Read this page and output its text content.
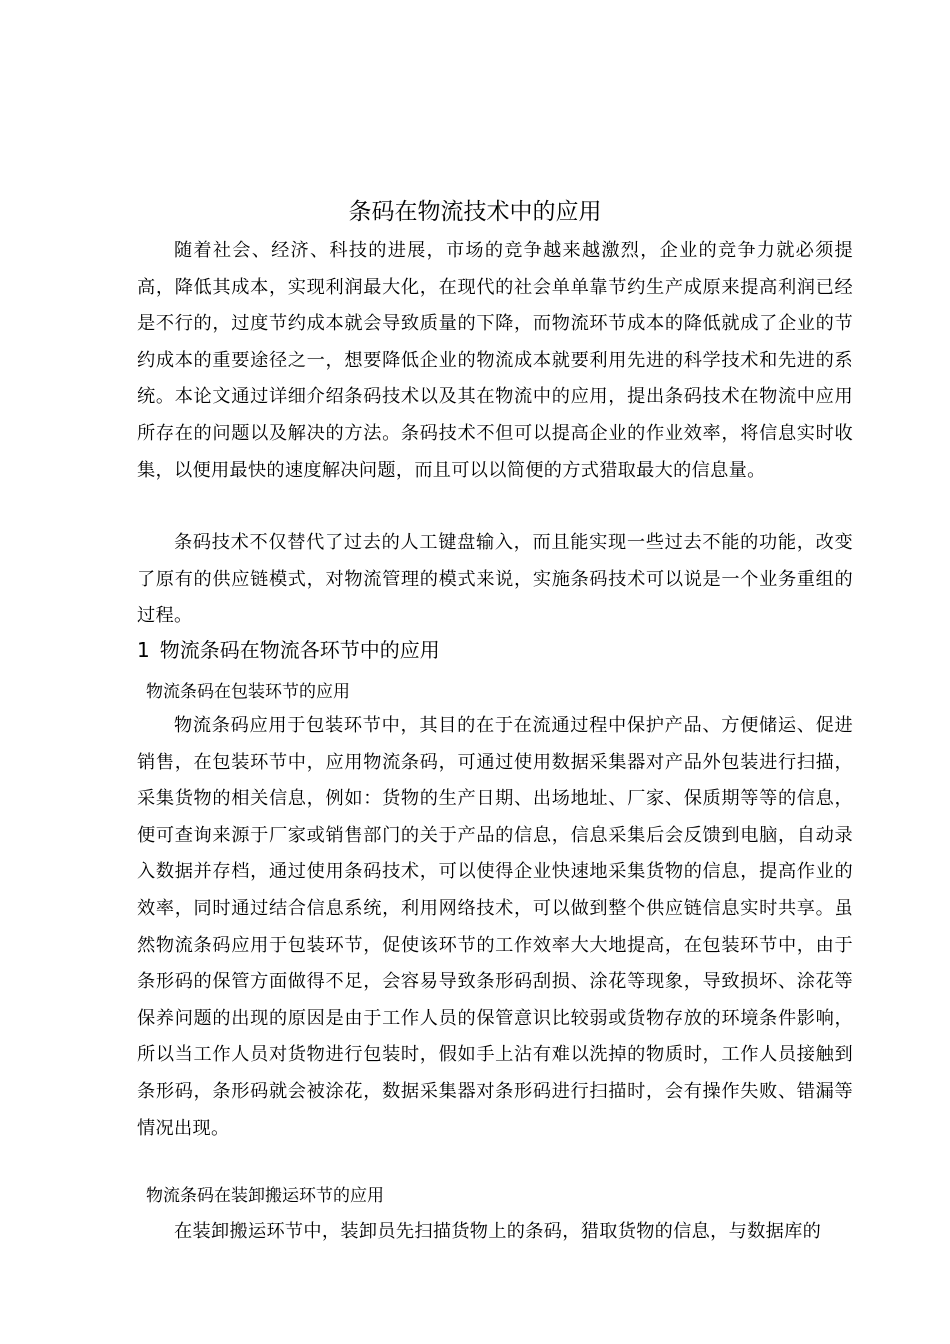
条码在物流技术中的应用

随着社会、经济、科技的进展，市场的竞争越来越激烈，企业的竞争力就必须提高，降低其成本，实现利润最大化，在现代的社会单单靠节约生产成原来提高利润已经是不行的，过度节约成本就会导致质量的下降，而物流环节成本的降低就成了企业的节约成本的重要途径之一，想要降低企业的物流成本就要利用先进的科学技术和先进的系统。本论文通过详细介绍条码技术以及其在物流中的应用，提出条码技术在物流中应用所存在的问题以及解决的方法。条码技术不但可以提高企业的作业效率，将信息实时收集，以便用最快的速度解决问题，而且可以以简便的方式猎取最大的信息量。

条码技术不仅替代了过去的人工键盘输入，而且能实现一些过去不能的功能，改变了原有的供应链模式，对物流管理的模式来说，实施条码技术可以说是一个业务重组的过程。

1 物流条码在物流各环节中的应用
物流条码在包装环节的应用

物流条码应用于包装环节中，其目的在于在流通过程中保护产品、方便储运、促进销售，在包装环节中，应用物流条码，可通过使用数据采集器对产品外包装进行扫描，采集货物的相关信息，例如：货物的生产日期、出场地址、厂家、保质期等等的信息，便可查询来源于厂家或销售部门的关于产品的信息，信息采集后会反馈到电脑，自动录入数据并存档，通过使用条码技术，可以使得企业快速地采集货物的信息，提高作业的效率，同时通过结合信息系统，利用网络技术，可以做到整个供应链信息实时共享。虽然物流条码应用于包装环节，促使该环节的工作效率大大地提高，在包装环节中，由于条形码的保管方面做得不足，会容易导致条形码刮损、涂花等现象，导致损坏、涂花等保养问题的出现的原因是由于工作人员的保管意识比较弱或货物存放的环境条件影响，所以当工作人员对货物进行包装时，假如手上沾有难以洗掉的物质时，工作人员接触到条形码，条形码就会被涂花，数据采集器对条形码进行扫描时，会有操作失败、错漏等情况出现。

物流条码在装卸搬运环节的应用

在装卸搬运环节中，装卸员先扫描货物上的条码，猎取货物的信息，与数据库的
